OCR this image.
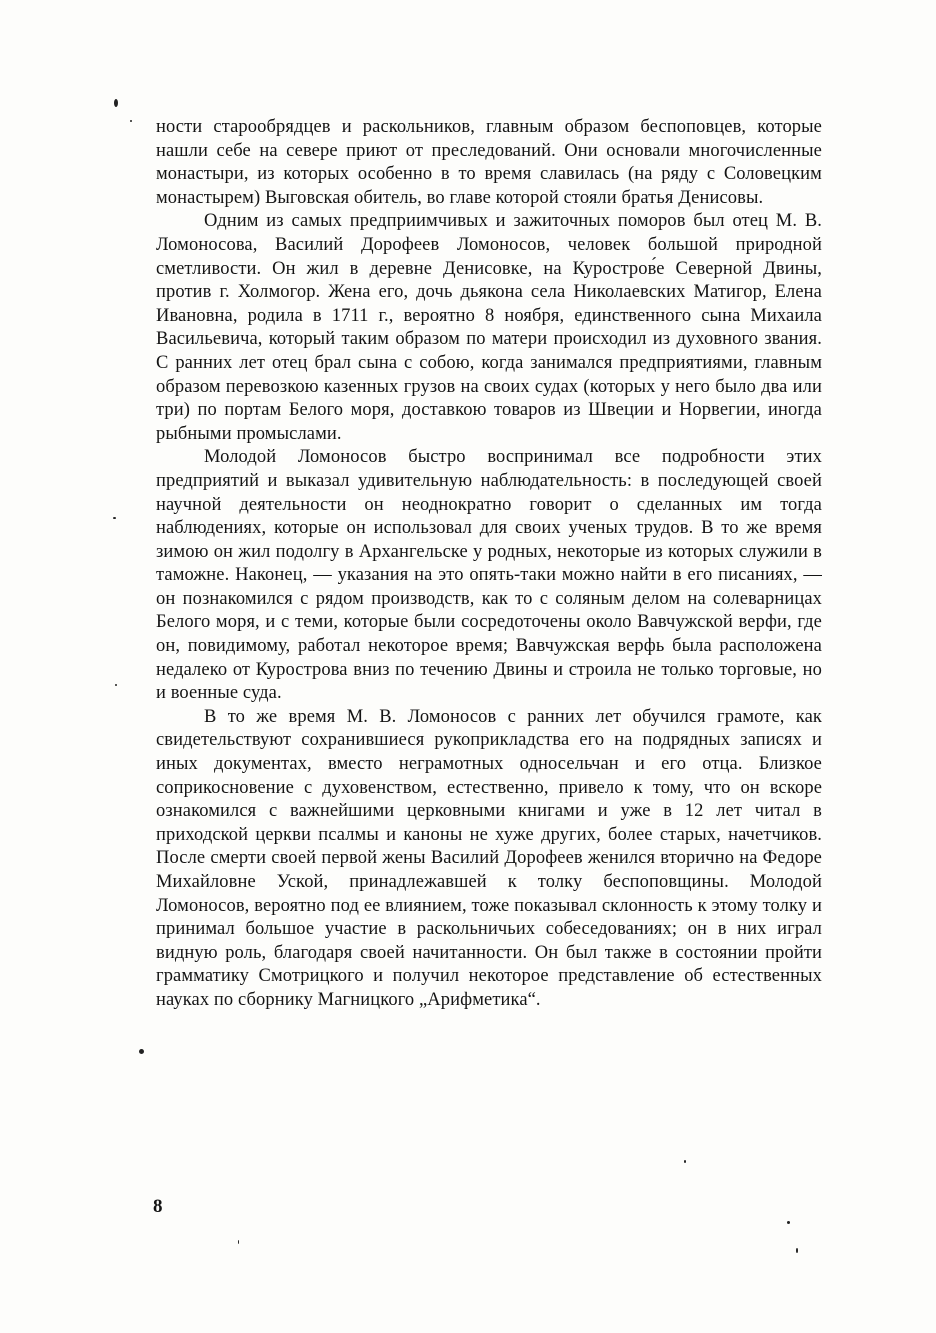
ности старообрядцев и раскольников, главным образом беспоповцев, которые нашли себе на севере приют от преследований. Они основали многочисленные монастыри, из которых особенно в то время славилась (на ряду с Соловецким монастырем) Выговская обитель, во главе которой стояли братья Денисовы.

Одним из самых предприимчивых и зажиточных поморов был отец М. В. Ломоносова, Василий Дорофеев Ломоносов, человек большой природной сметливости. Он жил в деревне Денисовке, на Куростров́е Северной Двины, против г. Холмогор. Жена его, дочь дьякона села Николаевских Матигор, Елена Ивановна, родила в 1711 г., вероятно 8 ноября, единственного сына Михаила Васильевича, который таким образом по матери происходил из духовного звания. С ранних лет отец брал сына с собою, когда занимался предприятиями, главным образом перевозкою казенных грузов на своих судах (которых у него было два или три) по портам Белого моря, доставкою товаров из Швеции и Норвегии, иногда рыбными промыслами.

Молодой Ломоносов быстро воспринимал все подробности этих предприятий и выказал удивительную наблюдательность: в последующей своей научной деятельности он неоднократно говорит о сделанных им тогда наблюдениях, которые он использовал для своих ученых трудов. В то же время зимою он жил подолгу в Архангельске у родных, некоторые из которых служили в таможне. Наконец, — указания на это опять-таки можно найти в его писаниях, — он познакомился с рядом производств, как то с соляным делом на солеварницах Белого моря, и с теми, которые были сосредоточены около Вавчужской верфи, где он, повидимому, работал некоторое время; Вавчужская верфь была расположена недалеко от Курострова вниз по течению Двины и строила не только торговые, но и военные суда.

В то же время М. В. Ломоносов с ранних лет обучился грамоте, как свидетельствуют сохранившиеся рукоприкладства его на подрядных записях и иных документах, вместо неграмотных односельчан и его отца. Близкое соприкосновение с духовенством, естественно, привело к тому, что он вскоре ознакомился с важнейшими церковными книгами и уже в 12 лет читал в приходской церкви псалмы и каноны не хуже других, более старых, начетчиков. После смерти своей первой жены Василий Дорофеев женился вторично на Федоре Михайловне Уской, принадлежавшей к толку беспоповщины. Молодой Ломоносов, вероятно под ее влиянием, тоже показывал склонность к этому толку и принимал большое участие в раскольничьих собеседованиях; он в них играл видную роль, благодаря своей начитанности. Он был также в состоянии пройти грамматику Смотрицкого и получил некоторое представление об естественных науках по сборнику Магницкого „Арифметика“.

8
